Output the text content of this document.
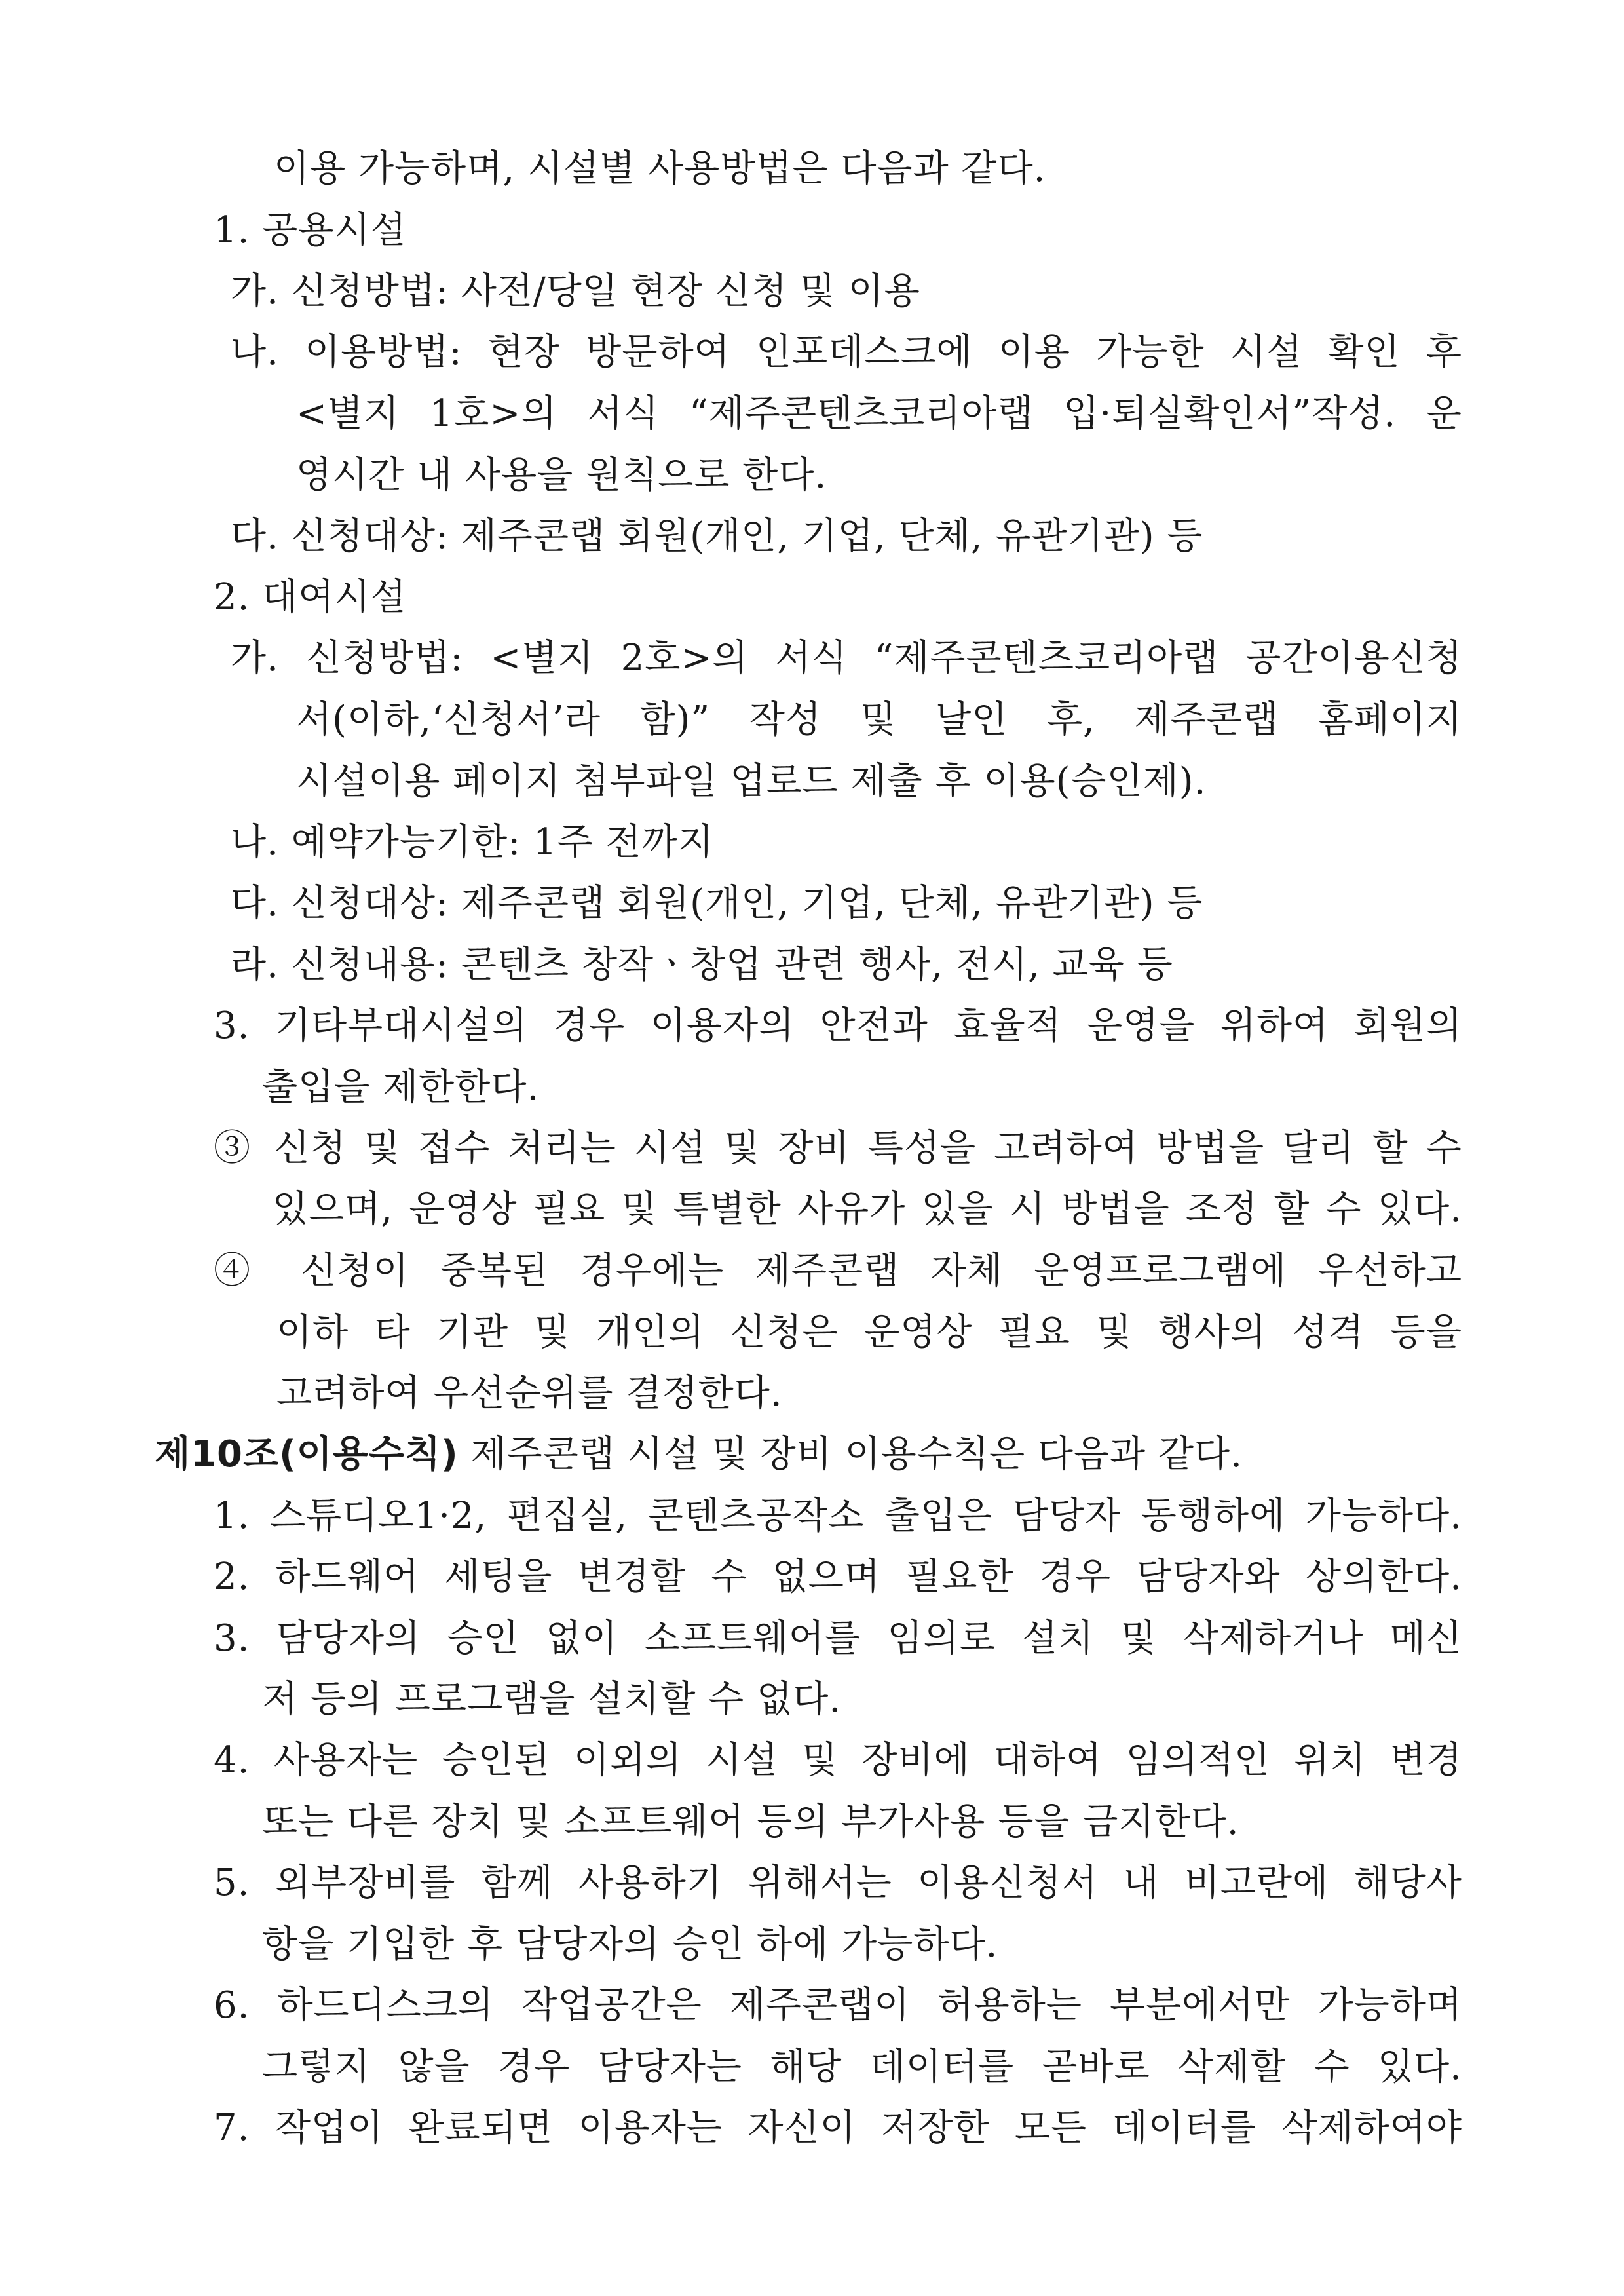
이용 가능하며, 시설별 사용방법은 다음과 같다.
1. 공용시설
가. 신청방법: 사전/당일 현장 신청 및 이용
나. 이용방법: 현장 방문하여 인포데스크에 이용 가능한 시설 확인 후
<별지 1호>의 서식 “제주콘텐츠코리아랩 입·퇴실확인서”작성. 운
영시간 내 사용을 원칙으로 한다.
다. 신청대상: 제주콘랩 회원(개인, 기업, 단체, 유관기관) 등
2. 대여시설
가. 신청방법: <별지 2호>의 서식 “제주콘텐츠코리아랩 공간이용신청
서(이하,‘신청서’라 함)” 작성 및 날인 후, 제주콘랩 홈페이지
시설이용 페이지 첨부파일 업로드 제출 후 이용(승인제).
나. 예약가능기한: 1주 전까지
다. 신청대상: 제주콘랩 회원(개인, 기업, 단체, 유관기관) 등
라. 신청내용: 콘텐츠 창작ㆍ창업 관련 행사, 전시, 교육 등
3. 기타부대시설의 경우 이용자의 안전과 효율적 운영을 위하여 회원의
출입을 제한한다.
③ 신청 및 접수 처리는 시설 및 장비 특성을 고려하여 방법을 달리 할 수
있으며, 운영상 필요 및 특별한 사유가 있을 시 방법을 조정 할 수 있다.
④ 신청이 중복된 경우에는 제주콘랩 자체 운영프로그램에 우선하고
이하 타 기관 및 개인의 신청은 운영상 필요 및 행사의 성격 등을
고려하여 우선순위를 결정한다.
제10조(이용수칙) 제주콘랩 시설 및 장비 이용수칙은 다음과 같다.
1. 스튜디오1·2, 편집실, 콘텐츠공작소 출입은 담당자 동행하에 가능하다.
2. 하드웨어 세팅을 변경할 수 없으며 필요한 경우 담당자와 상의한다.
3. 담당자의 승인 없이 소프트웨어를 임의로 설치 및 삭제하거나 메신
저 등의 프로그램을 설치할 수 없다.
4. 사용자는 승인된 이외의 시설 및 장비에 대하여 임의적인 위치 변경
또는 다른 장치 및 소프트웨어 등의 부가사용 등을 금지한다.
5. 외부장비를 함께 사용하기 위해서는 이용신청서 내 비고란에 해당사
항을 기입한 후 담당자의 승인 하에 가능하다.
6. 하드디스크의 작업공간은 제주콘랩이 허용하는 부분에서만 가능하며
그렇지 않을 경우 담당자는 해당 데이터를 곧바로 삭제할 수 있다.
7. 작업이 완료되면 이용자는 자신이 저장한 모든 데이터를 삭제하여야
